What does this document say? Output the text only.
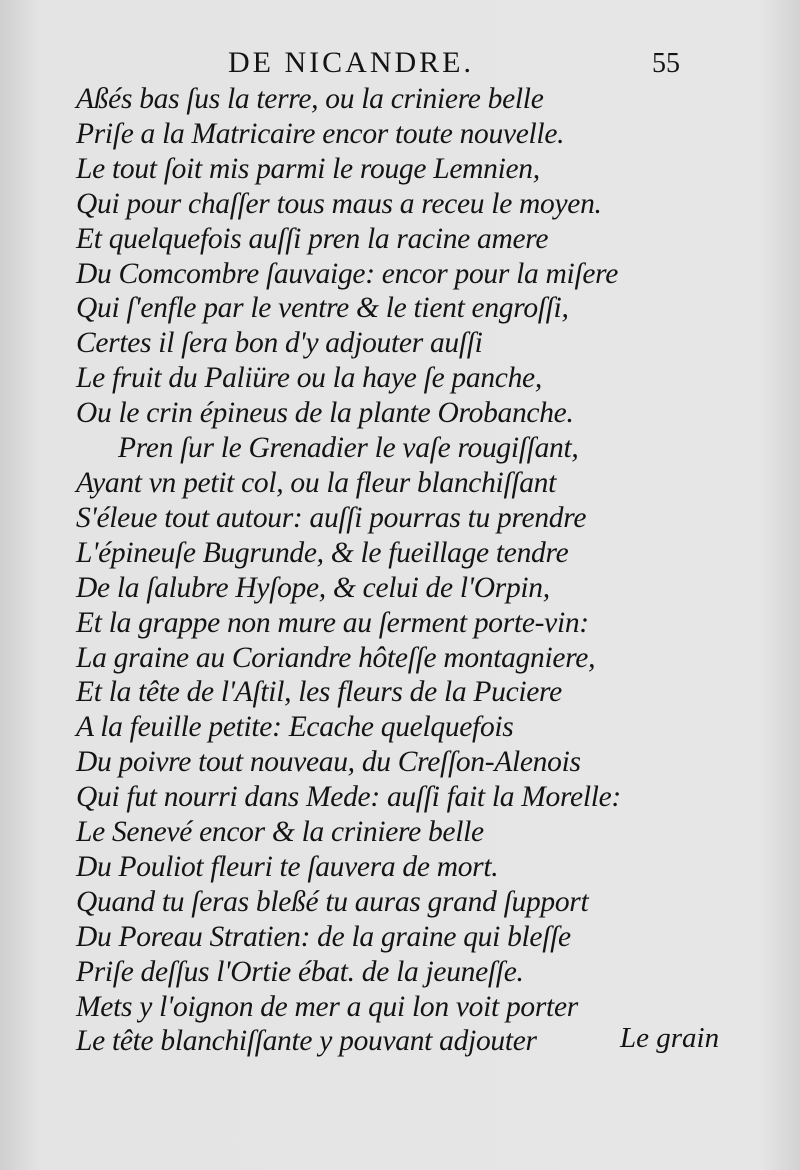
DE NICANDRE.	55
Aßés bas ſus la terre, ou la criniere belle
Priſe a la Matricaire encor toute nouvelle.
Le tout ſoit mis parmi le rouge Lemnien,
Qui pour chaſſer tous maus a receu le moyen.
Et quelquefois auſſi pren la racine amere
Du Comcombre ſauvaige: encor pour la miſere
Qui ſ'enfle par le ventre & le tient engroſſi,
Certes il ſera bon d'y adjouter auſſi
Le fruit du Paliüre ou la haye ſe panche,
Ou le crin épineus de la plante Orobanche.
Pren ſur le Grenadier le vaſe rougiſſant,
Ayant vn petit col, ou la fleur blanchiſſant
S'éleue tout autour: auſſi pourras tu prendre
L'épineuſe Bugrunde, & le fueillage tendre
De la ſalubre Hyſope, & celui de l'Orpin,
Et la grappe non mure au ſerment porte-vin:
La graine au Coriandre hôteſſe montagniere,
Et la tête de l'Aſtil, les fleurs de la Puciere
A la feuille petite: Ecache quelquefois
Du poivre tout nouveau, du Creſſon-Alenois
Qui fut nourri dans Mede: auſſi fait la Morelle:
Le Senevé encor & la criniere belle
Du Pouliot fleuri te ſauvera de mort.
Quand tu ſeras bleßé tu auras grand ſupport
Du Poreau Stratien: de la graine qui bleſſe
Priſe deſſus l'Ortie ébat. de la jeuneſſe.
Mets y l'oignon de mer a qui lon voit porter
Le tête blanchiſſante y pouvant adjouter	Le grain
